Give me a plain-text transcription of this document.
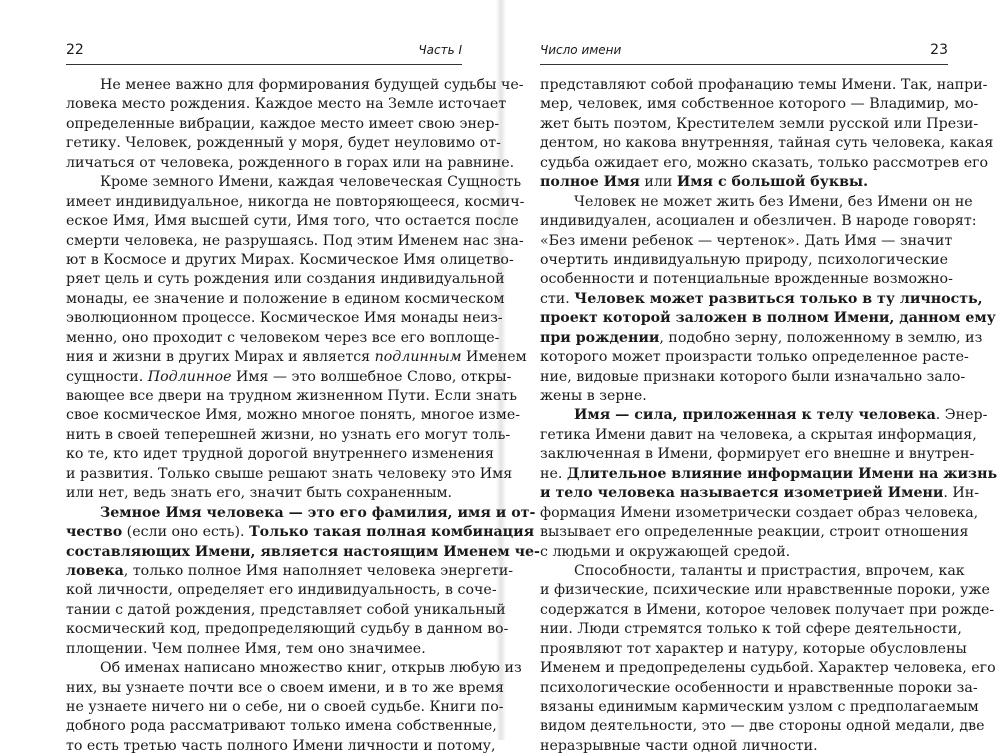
22	Часть I
Не менее важно для формирования будущей судьбы че-
ловека место рождения. Каждое место на Земле источает
определенные вибрации, каждое место имеет свою энер-
гетику. Человек, рожденный у моря, будет неуловимо от-
личаться от человека, рожденного в горах или на равнине.
Кроме земного Имени, каждая человеческая Сущность
имеет индивидуальное, никогда не повторяющееся, космич-
еское Имя, Имя высшей сути, Имя того, что остается после
смерти человека, не разрушаясь. Под этим Именем нас зна-
ют в Космосе и других Мирах. Космическое Имя олицетво-
ряет цель и суть рождения или создания индивидуальной
монады, ее значение и положение в едином космическом
эволюционном процессе. Космическое Имя монады неиз-
менно, оно проходит с человеком через все его воплоще-
ния и жизни в других Мирах и является подлинным Именем
сущности. Подлинное Имя — это волшебное Слово, откры-
вающее все двери на трудном жизненном Пути. Если знать
свое космическое Имя, можно многое понять, многое изме-
нить в своей теперешней жизни, но узнать его могут толь-
ко те, кто идет трудной дорогой внутреннего изменения
и развития. Только свыше решают знать человеку это Имя
или нет, ведь знать его, значит быть сохраненным.
Земное Имя человека — это его фамилия, имя и от-
чество (если оно есть). Только такая полная комбинация
составляющих Имени, является настоящим Именем че-
ловека, только полное Имя наполняет человека энергети-
кой личности, определяет его индивидуальность, в соче-
тании с датой рождения, представляет собой уникальный
космический код, предопределяющий судьбу в данном во-
площении. Чем полнее Имя, тем оно значимее.
Об именах написано множество книг, открыв любую из
них, вы узнаете почти все о своем имени, и в то же время
не узнаете ничего ни о себе, ни о своей судьбе. Книги по-
добного рода рассматривают только имена собственные,
то есть третью часть полного Имени личности и потому,
Число имени	23
представляют собой профанацию темы Имени. Так, напри-
мер, человек, имя собственное которого — Владимир, мо-
жет быть поэтом, Крестителем земли русской или Прези-
дентом, но какова внутренняя, тайная суть человека, какая
судьба ожидает его, можно сказать, только рассмотрев его
полное Имя или Имя с большой буквы.
Человек не может жить без Имени, без Имени он не
индивидуален, асоциален и обезличен. В народе говорят:
«Без имени ребенок — чертенок». Дать Имя — значит
очертить индивидуальную природу, психологические
особенности и потенциальные врожденные возможно-
сти. Человек может развиться только в ту личность,
проект которой заложен в полном Имени, данном ему
при рождении, подобно зерну, положенному в землю, из
которого может произрасти только определенное расте-
ние, видовые признаки которого были изначально зало-
жены в зерне.
Имя — сила, приложенная к телу человека. Энер-
гетика Имени давит на человека, а скрытая информация,
заключенная в Имени, формирует его внешне и внутрен-
не. Длительное влияние информации Имени на жизнь
и тело человека называется изометрией Имени. Ин-
формация Имени изометрически создает образ человека,
вызывает его определенные реакции, строит отношения
с людьми и окружающей средой.
Способности, таланты и пристрастия, впрочем, как
и физические, психические или нравственные пороки, уже
содержатся в Имени, которое человек получает при рожде-
нии. Люди стремятся только к той сфере деятельности,
проявляют тот характер и натуру, которые обусловлены
Именем и предопределены судьбой. Характер человека, его
психологические особенности и нравственные пороки за-
вязаны единимым кармическим узлом с предполагаемым
видом деятельности, это — две стороны одной медали, две
неразрывные части одной личности.
